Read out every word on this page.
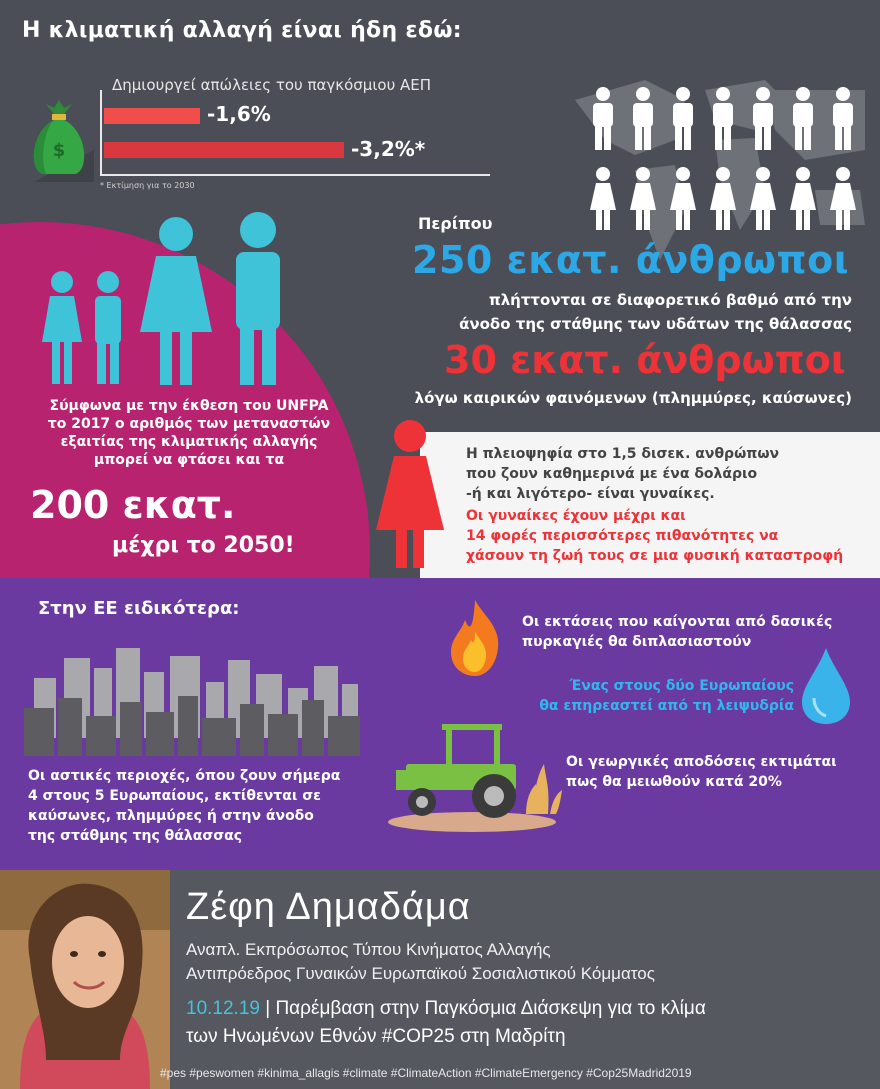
Η κλιματική αλλαγή είναι ήδη εδώ:
$
Δημιουργεί απώλειες του παγκόσμιου ΑΕΠ
-1,6%
-3,2%*
* Εκτίμηση για το 2030
Περίπου
250 εκατ. άνθρωποι
πλήττονται σε διαφορετικό βαθμό από την
άνοδο της στάθμης των υδάτων της θάλασσας
30 εκατ. άνθρωποι
λόγω καιρικών φαινόμενων (πλημμύρες, καύσωνες)
Σύμφωνα με την έκθεση του UNFPA
το 2017 ο αριθμός των μεταναστών
εξαιτίας της κλιματικής αλλαγής
μπορεί να φτάσει και τα
200 εκατ.
μέχρι το 2050!
Η πλειοψηφία στο 1,5 δισεκ. ανθρώπων
που ζουν καθημερινά με ένα δολάριο
-ή και λιγότερο- είναι γυναίκες.
Οι γυναίκες έχουν μέχρι και
14 φορές περισσότερες πιθανότητες να
χάσουν τη ζωή τους σε μια φυσική καταστροφή
Στην ΕΕ ειδικότερα:
Οι αστικές περιοχές, όπου ζουν σήμερα
4 στους 5 Ευρωπαίους, εκτίθενται σε
καύσωνες, πλημμύρες ή στην άνοδο
της στάθμης της θάλασσας
Οι εκτάσεις που καίγονται από δασικές
πυρκαγιές θα διπλασιαστούν
Ένας στους δύο Ευρωπαίους
θα επηρεαστεί από τη λειψυδρία
Οι γεωργικές αποδόσεις εκτιμάται
πως θα μειωθούν κατά 20%
Ζέφη Δημαδάμα
Αναπλ. Εκπρόσωπος Τύπου Κινήματος Αλλαγής
Αντιπρόεδρος Γυναικών Ευρωπαϊκού Σοσιαλιστικού Κόμματος
10.12.19 | Παρέμβαση στην Παγκόσμια Διάσκεψη για το κλίμα
των Ηνωμένων Εθνών #COP25 στη Μαδρίτη
#pes #peswomen #kinima_allagis #climate #ClimateAction #ClimateEmergency #Cop25Madrid2019
